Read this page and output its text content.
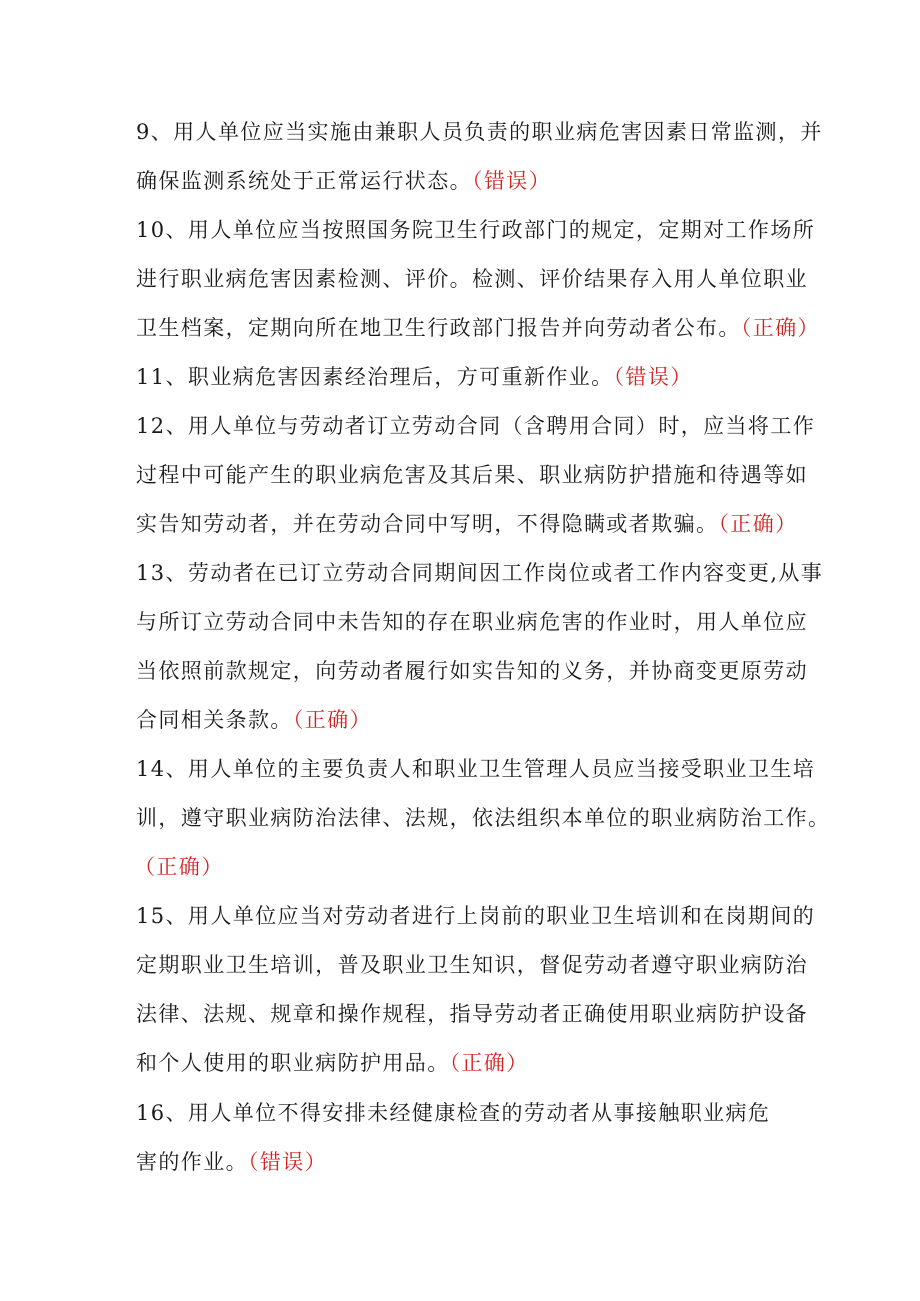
9、用人单位应当实施由兼职人员负责的职业病危害因素日常监测，并
确保监测系统处于正常运行状态。（错误）
10、用人单位应当按照国务院卫生行政部门的规定，定期对工作场所
进行职业病危害因素检测、评价。检测、评价结果存入用人单位职业
卫生档案，定期向所在地卫生行政部门报告并向劳动者公布。（正确）
11、职业病危害因素经治理后，方可重新作业。（错误）
12、用人单位与劳动者订立劳动合同（含聘用合同）时，应当将工作
过程中可能产生的职业病危害及其后果、职业病防护措施和待遇等如
实告知劳动者，并在劳动合同中写明，不得隐瞒或者欺骗。（正确）
13、劳动者在已订立劳动合同期间因工作岗位或者工作内容变更,从事
与所订立劳动合同中未告知的存在职业病危害的作业时，用人单位应
当依照前款规定，向劳动者履行如实告知的义务，并协商变更原劳动
合同相关条款。（正确）
14、用人单位的主要负责人和职业卫生管理人员应当接受职业卫生培
训，遵守职业病防治法律、法规，依法组织本单位的职业病防治工作。
（正确）
15、用人单位应当对劳动者进行上岗前的职业卫生培训和在岗期间的
定期职业卫生培训，普及职业卫生知识，督促劳动者遵守职业病防治
法律、法规、规章和操作规程，指导劳动者正确使用职业病防护设备
和个人使用的职业病防护用品。（正确）
16、用人单位不得安排未经健康检查的劳动者从事接触职业病危
害的作业。（错误）
